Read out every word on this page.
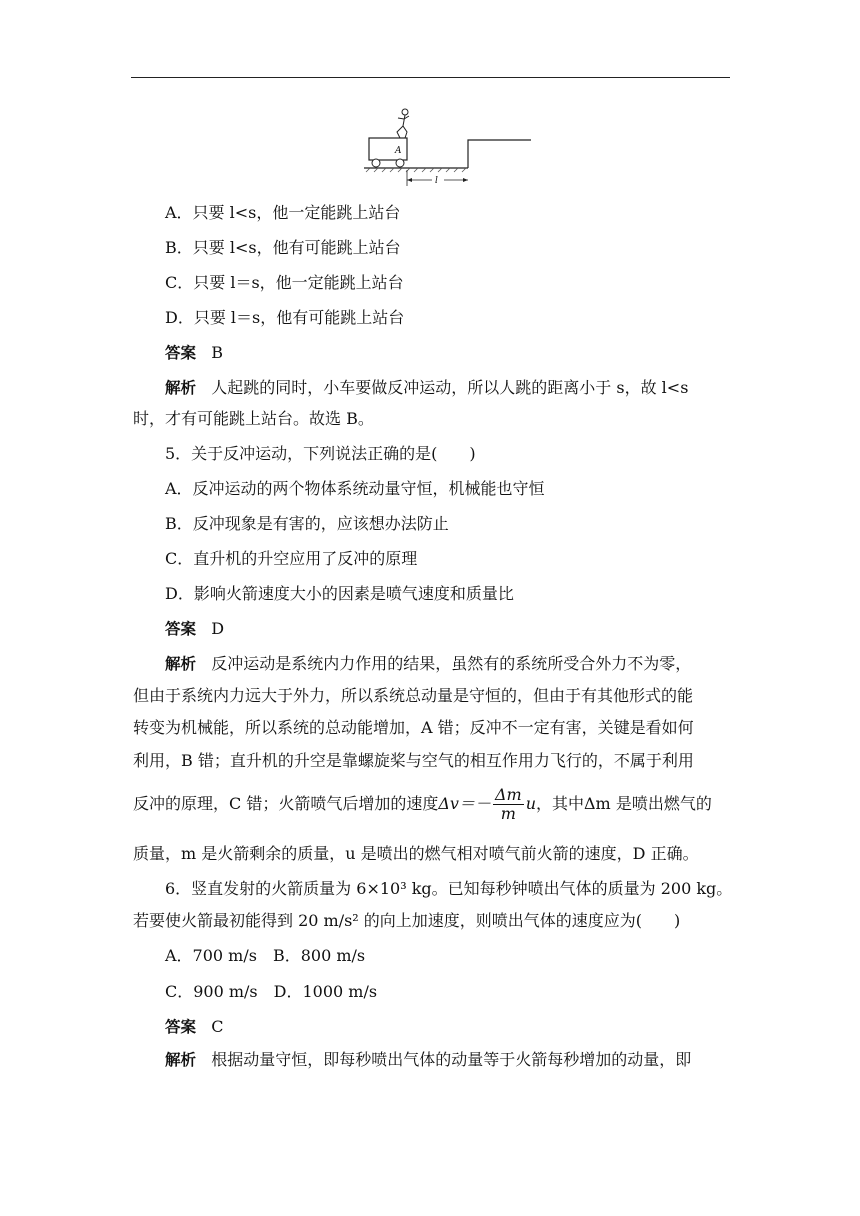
A
l
A．只要 l<s，他一定能跳上站台
B．只要 l<s，他有可能跳上站台
C．只要 l＝s，他一定能跳上站台
D．只要 l＝s，他有可能跳上站台
答案 B
解析 人起跳的同时，小车要做反冲运动，所以人跳的距离小于 s，故 l<s
时，才有可能跳上站台。故选 B。
5．关于反冲运动，下列说法正确的是(　　)
A．反冲运动的两个物体系统动量守恒，机械能也守恒
B．反冲现象是有害的，应该想办法防止
C．直升机的升空应用了反冲的原理
D．影响火箭速度大小的因素是喷气速度和质量比
答案 D
解析 反冲运动是系统内力作用的结果，虽然有的系统所受合外力不为零，
但由于系统内力远大于外力，所以系统总动量是守恒的，但由于有其他形式的能
转变为机械能，所以系统的总动能增加，A 错；反冲不一定有害，关键是看如何
利用，B 错；直升机的升空是靠螺旋桨与空气的相互作用力飞行的，不属于利用
反冲的原理，C 错；火箭喷气后增加的速度$\Delta v=- \frac{\Delta m}{m}$ u，其中Δm 是喷出燃气的
质量，m 是火箭剩余的质量，u 是喷出的燃气相对喷气前火箭的速度，D 正确。
6．竖直发射的火箭质量为 6×10³ kg。已知每秒钟喷出气体的质量为 200 kg。
若要使火箭最初能得到 20 m/s² 的向上加速度，则喷出气体的速度应为(　　)
A．700 m/s　B．800 m/s
C．900 m/s　D．1000 m/s
答案 C
解析 根据动量守恒，即每秒喷出气体的动量等于火箭每秒增加的动量，即
